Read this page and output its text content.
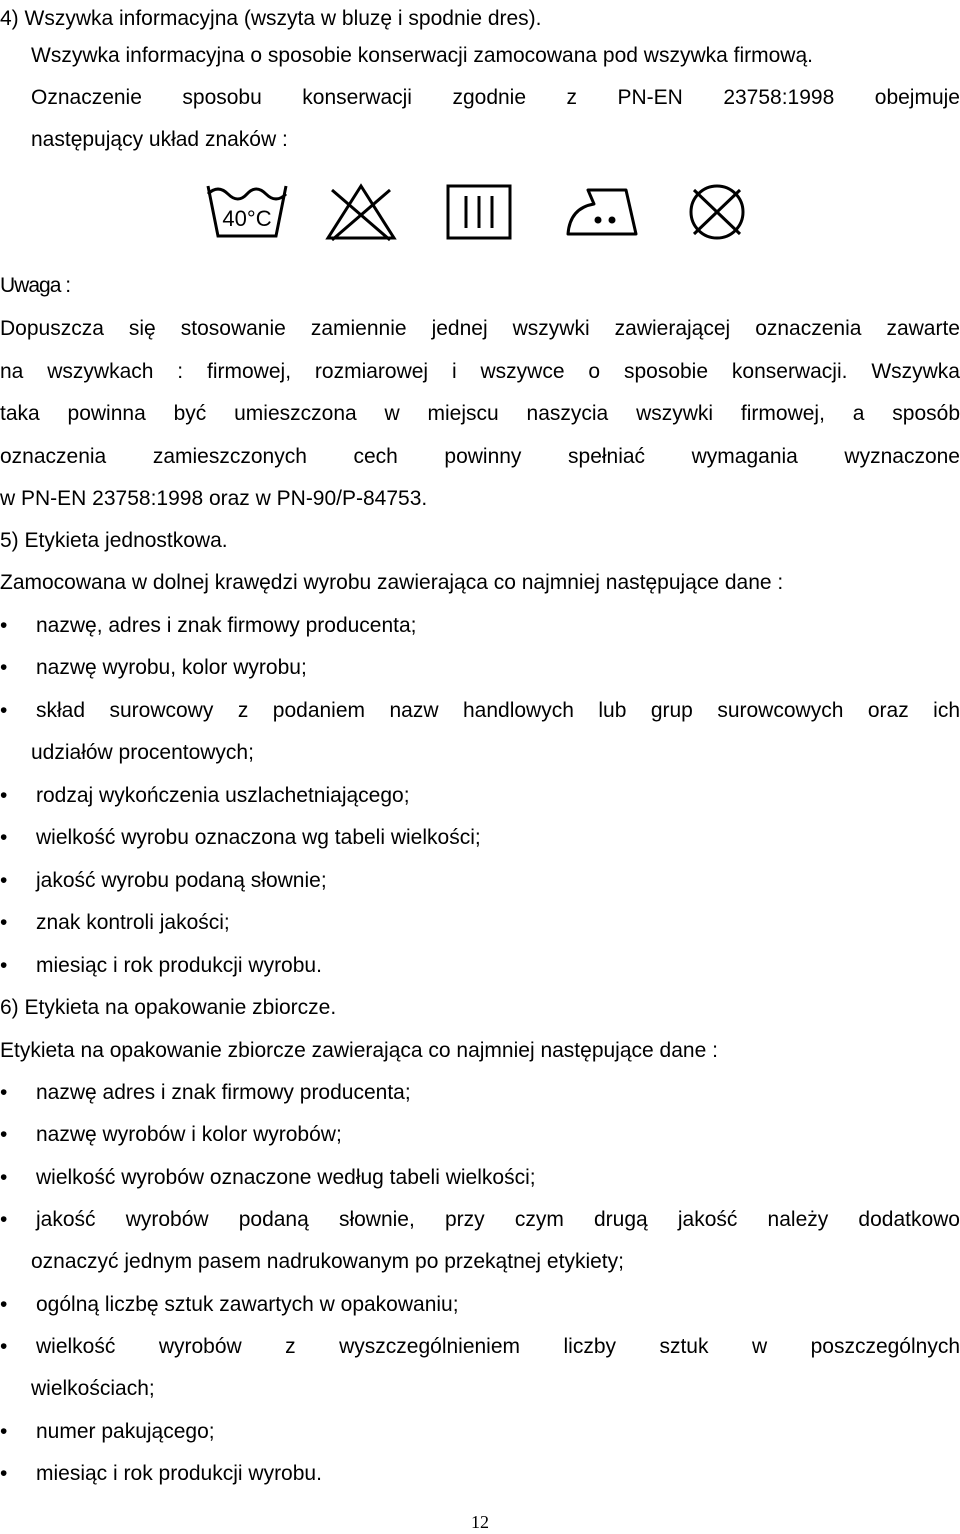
4) Wszywka informacyjna (wszyta w bluzę i spodnie dres).
Wszywka informacyjna o sposobie konserwacji zamocowana pod wszywka firmową.
Oznaczenie sposobu konserwacji zgodnie z PN-EN 23758:1998 obejmuje
następujący układ znaków :
40°C
Uwaga :
Dopuszcza się stosowanie zamiennie jednej wszywki zawierającej oznaczenia zawarte
na wszywkach : firmowej, rozmiarowej i wszywce o sposobie konserwacji. Wszywka
taka powinna być umieszczona w miejscu naszycia wszywki firmowej, a sposób
oznaczenia zamieszczonych cech powinny spełniać wymagania wyznaczone
w PN-EN 23758:1998 oraz w PN-90/P-84753.
5) Etykieta jednostkowa.
Zamocowana w dolnej krawędzi wyrobu zawierająca co najmniej następujące dane :
• nazwę, adres i znak firmowy producenta;
• nazwę wyrobu, kolor wyrobu;
• skład surowcowy z podaniem nazw handlowych lub grup surowcowych oraz ich
udziałów procentowych;
• rodzaj wykończenia uszlachetniającego;
• wielkość wyrobu oznaczona wg tabeli wielkości;
• jakość wyrobu podaną słownie;
• znak kontroli jakości;
• miesiąc i rok produkcji wyrobu.
6) Etykieta na opakowanie zbiorcze.
Etykieta na opakowanie zbiorcze zawierająca co najmniej następujące dane :
• nazwę adres i znak firmowy producenta;
• nazwę wyrobów i kolor wyrobów;
• wielkość wyrobów oznaczone według tabeli wielkości;
• jakość wyrobów podaną słownie, przy czym drugą jakość należy dodatkowo
oznaczyć jednym pasem nadrukowanym po przekątnej etykiety;
• ogólną liczbę sztuk zawartych w opakowaniu;
• wielkość wyrobów z wyszczególnieniem liczby sztuk w poszczególnych
wielkościach;
• numer pakującego;
• miesiąc i rok produkcji wyrobu.
12
